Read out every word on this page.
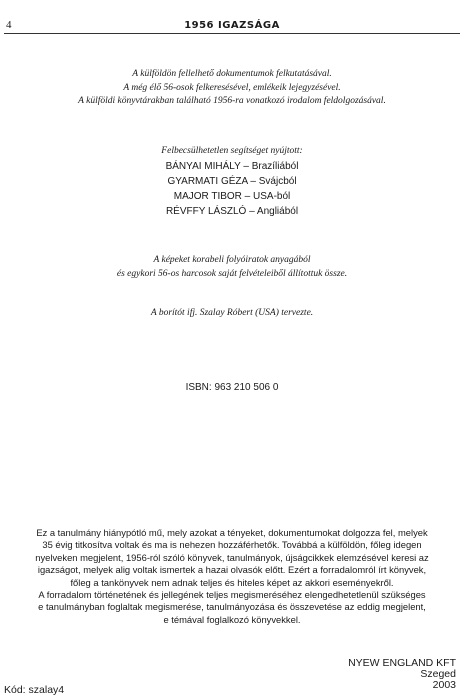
4	1956 IGAZSÁGA
A külföldön fellelhető dokumentumok felkutatásával.
A még élő 56-osok felkeresésével, emlékeik lejegyzésével.
A külföldi könyvtárakban található 1956-ra vonatkozó irodalom feldolgozásával.
Felbecsülhetetlen segítséget nyújtott:
BÁNYAI MIHÁLY – Brazíliából
GYARMATI GÉZA – Svájcból
MAJOR TIBOR – USA-ból
RÉVFFY LÁSZLÓ – Angliából
A képeket korabeli folyóiratok anyagából
és egykori 56-os harcosok saját felvételeiből állítottuk össze.
A borítót ifj. Szalay Róbert (USA) tervezte.
ISBN: 963 210 506 0
Ez a tanulmány hiánypótló mű, mely azokat a tényeket, dokumentumokat dolgozza fel, melyek
35 évig titkosítva voltak és ma is nehezen hozzáférhetők. Továbbá a külföldön, főleg idegen
nyelveken megjelent, 1956-ról szóló könyvek, tanulmányok, újságcikkek elemzésével keresi az
igazságot, melyek alig voltak ismertek a hazai olvasók előtt. Ezért a forradalomról írt könyvek,
főleg a tankönyvek nem adnak teljes és hiteles képet az akkori eseményekről.
A forradalom történetének és jellegének teljes megismeréséhez elengedhetetlenül szükséges
e tanulmányban foglaltak megismerése, tanulmányozása és összevetése az eddig megjelent,
e témával foglalkozó könyvekkel.
NYEW ENGLAND KFT
Szeged
2003
Kód: szalay4
